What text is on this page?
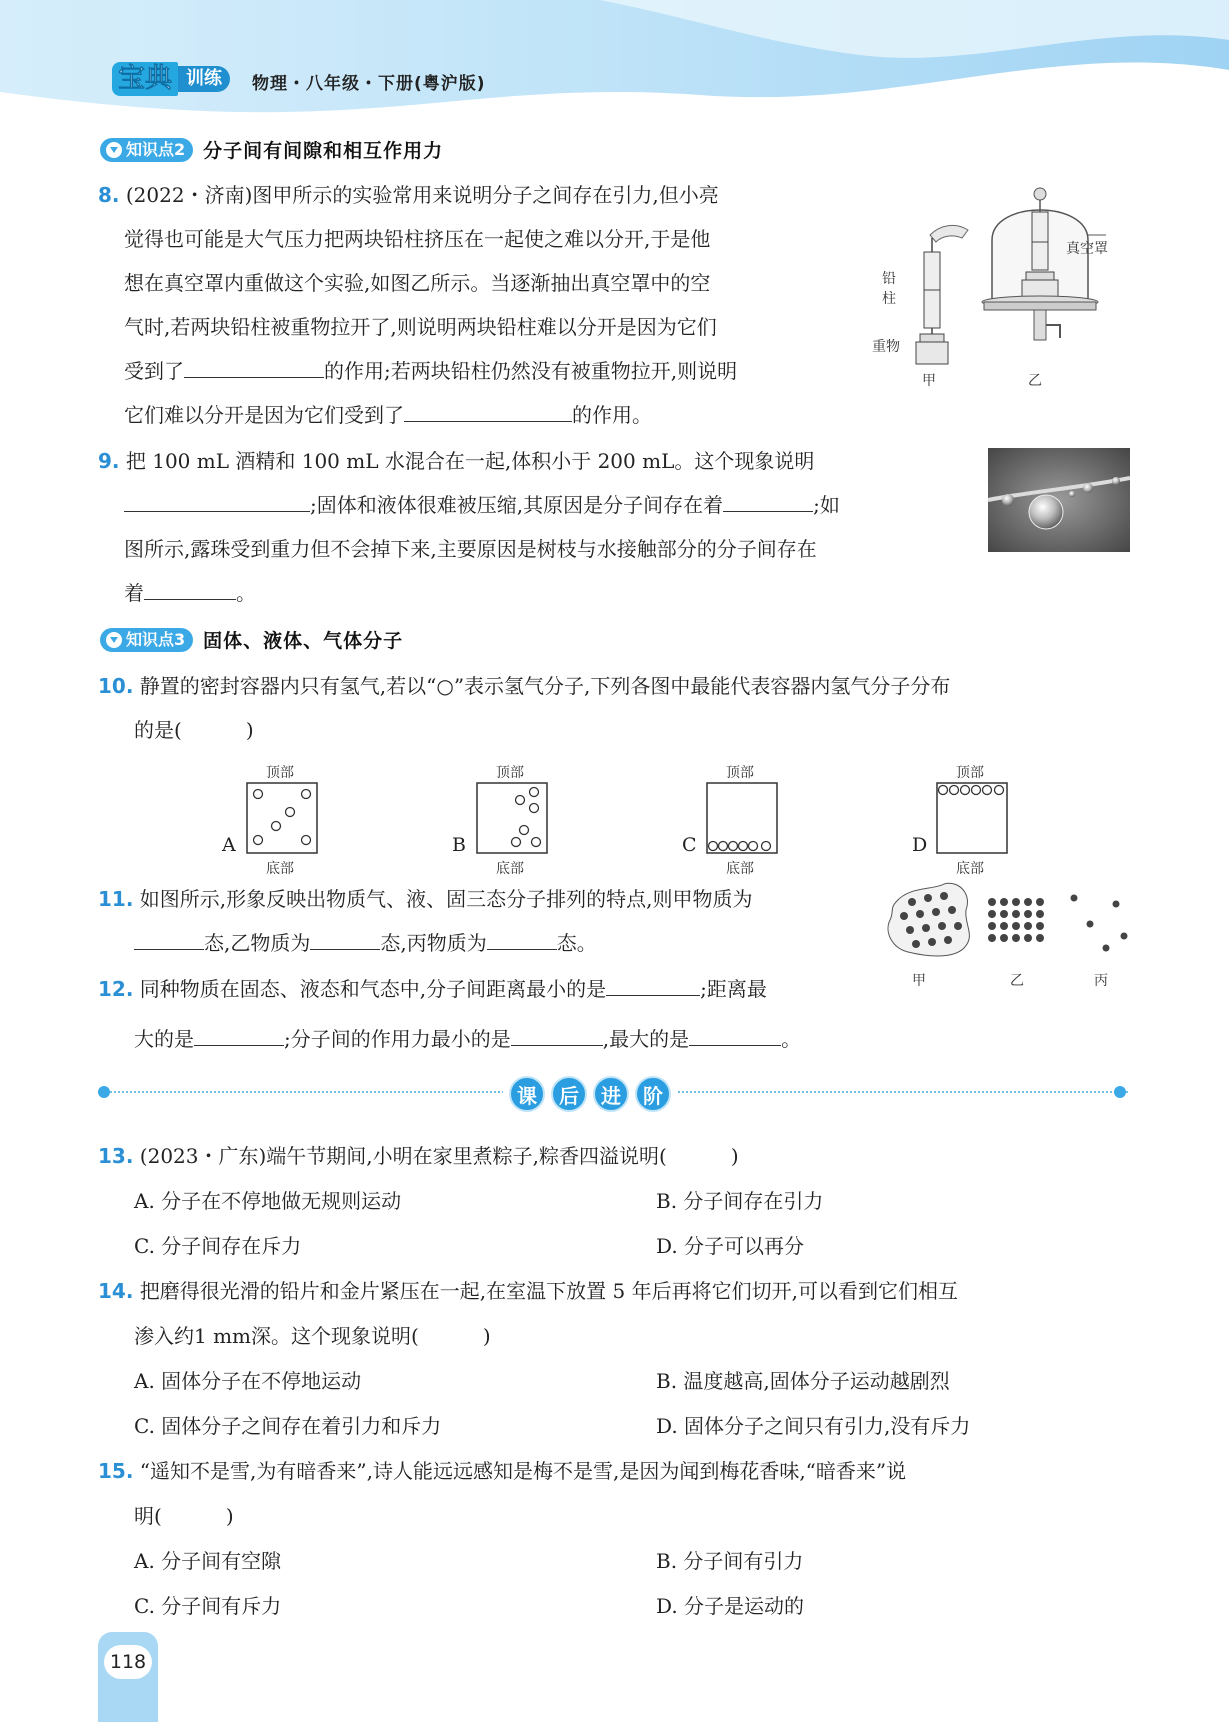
宝典 训练	物理・八年级・下册(粤沪版)
知识点2 分子间有间隙和相互作用力
8. (2022・济南)图甲所示的实验常用来说明分子之间存在引力,但小亮
觉得也可能是大气压力把两块铅柱挤压在一起使之难以分开,于是他
想在真空罩内重做这个实验,如图乙所示。当逐渐抽出真空罩中的空
气时,若两块铅柱被重物拉开了,则说明两块铅柱难以分开是因为它们
受到了	的作用;若两块铅柱仍然没有被重物拉开,则说明
它们难以分开是因为它们受到了	的作用。
铅
柱
重物
真空罩
甲	乙
9. 把 100 mL 酒精和 100 mL 水混合在一起,体积小于 200 mL。这个现象说明
;固体和液体很难被压缩,其原因是分子间存在着	;如
图所示,露珠受到重力但不会掉下来,主要原因是树枝与水接触部分的分子间存在
着	。
知识点3 固体、液体、气体分子
10. 静置的密封容器内只有氢气,若以“○”表示氢气分子,下列各图中最能代表容器内氢气分子分布
的是(	)
顶部	顶部	顶部	顶部
底部	底部	底部	底部
A	B	C	D
11. 如图所示,形象反映出物质气、液、固三态分子排列的特点,则甲物质为
态,乙物质为	态,丙物质为	态。
甲	乙	丙
12. 同种物质在固态、液态和气态中,分子间距离最小的是	;距离最
大的是	;分子间的作用力最小的是	,最大的是	。
课	后	进	阶
13. (2023・广东)端午节期间,小明在家里煮粽子,粽香四溢说明(	)
A. 分子在不停地做无规则运动	B. 分子间存在引力
C. 分子间存在斥力	D. 分子可以再分
14. 把磨得很光滑的铅片和金片紧压在一起,在室温下放置 5 年后再将它们切开,可以看到它们相互
渗入约1 mm深。这个现象说明(	)
A. 固体分子在不停地运动	B. 温度越高,固体分子运动越剧烈
C. 固体分子之间存在着引力和斥力	D. 固体分子之间只有引力,没有斥力
15. “遥知不是雪,为有暗香来”,诗人能远远感知是梅不是雪,是因为闻到梅花香味,“暗香来”说
明(	)
A. 分子间有空隙	B. 分子间有引力
C. 分子间有斥力	D. 分子是运动的
118
